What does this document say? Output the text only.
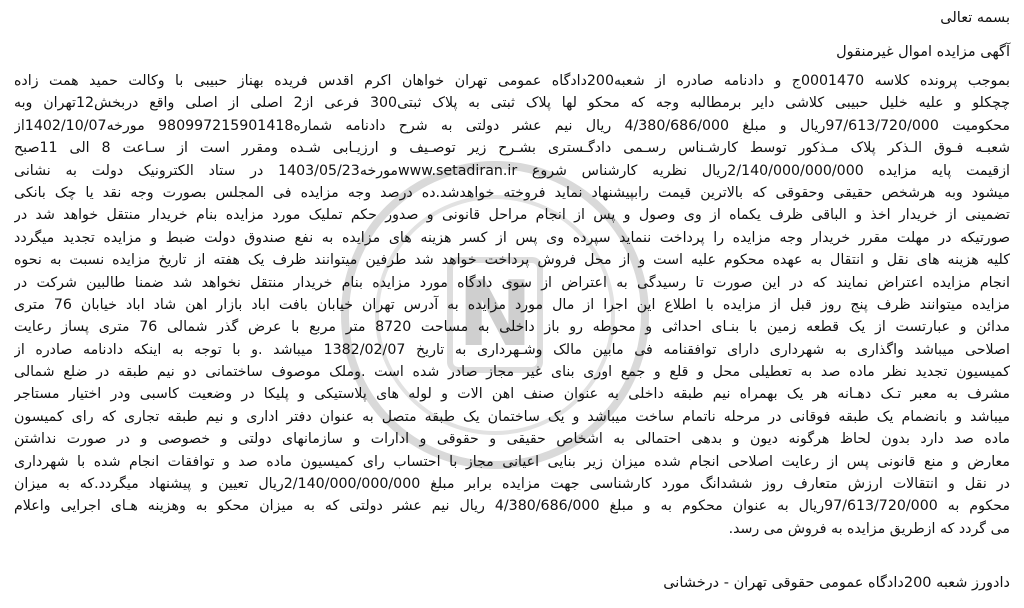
N
بسمه تعالی
آگهی مزایده اموال غیرمنقول
بموجب پرونده کلاسه 0001470ج و دادنامه صادره از شعبه200دادگاه عمومی تهران خواهان اکرم اقدس فریده بهناز حبیبی با وکالت حمید همت زاده
چچکلو و علیه خلیل حبیبی کلاشی دایر برمطالبه وجه که محکو لها پلاک ثبتی به پلاک ثبتی300 فرعی از2 اصلی از اصلی واقع دربخش12تهران وبه
محکومیت 97/613/720/000ریال و مبلغ 4/380/686/000 ریال نیم عشر دولتی به شرح دادنامه شماره98099721590141​8 مورخه1402/10/07از
شعبـه فـوق الـذکر پلاک مـذکور توسط کارشـناس رسـمی دادگـستری بشـرح زیر توصـیف و ارزیـابی شـده ومقرر است از سـاعت 8 الی 11صبح
ازقیمت پایه مزایده 2/140/000/000/000ریال نظریه کارشناس شروع www.setadiran.irمورخه1403/05/23 در ستاد الکترونیک دولت به نشانی
میشود وبه هرشخص حقیقی وحقوقی که بالاترین قیمت رابپیشنهاد نماید فروخته خواهدشد.ده درصد وجه مزایده فی المجلس بصورت وجه نقد یا چک بانکی
تضمینی از خریدار اخذ و الباقی ظرف یکماه از وی وصول و پس از انجام مراحل قانونی و صدور حکم تملیک مورد مزایده بنام خریدار منتقل خواهد شد در
صورتیکه در مهلت مقرر خریدار وجه مزایده را پرداخت ننماید سپرده وی پس از کسر هزینه های مزایده به نفع صندوق دولت ضبط و مزایده تجدید میگردد
کلیه هزینه های نقل و انتقال به عهده محکوم علیه است و از محل فروش پرداخت خواهد شد طرفین میتوانند ظرف یک هفته از تاریخ مزایده نسبت به نحوه
انجام مزایده اعتراض نمایند که در این صورت تا رسیدگی به اعتراض از سوی دادگاه مورد مزایده بنام خریدار منتقل نخواهد شد ضمنا طالبین شرکت در
مزایده میتوانند ظرف پنج روز قبل از مزایده با اطلاع این اجرا از مال مورد مزایده به آدرس تهران خیابان بافت اباد بازار اهن شاد اباد خیابان 76 متری
مدائن و عبارتست از یک قطعه زمین با بنـای احداثی و محوطه رو باز داخلی به مساحت 8720 متر مربع با عرض گذر شمالی 76 متری پساز رعایت
اصلاحی میباشد واگذاری به شهرداری دارای توافقنامه فی مابین مالک وشـهرداری به تاریخ 1382/02/07 میباشد .و با توجه به اینکه دادنامه صادره از
کمیسیون تجدید نظر ماده صد به تعطیلی محل و قلع و جمع اوری بنای غیر مجاز صادر شده است .وملک موصوف ساختمانی دو نیم طبقه در ضلع شمالی
مشرف به معبر تـک دهـانه هر یک بهمراه نیم طبقه داخلی به عنوان صنف اهن الات و لوله های پلاستیکی و پلیکا در وضعیت کاسبی ودر اختیار مستاجر
میباشد و بانضمام یک طبقه فوقانی در مرحله ناتمام ساخت میباشد و یک ساختمان یک طبقه متصل به عنوان دفتر اداری و نیم طبقه تجاری که رای کمیسون
ماده صد دارد بدون لحاظ هرگونه دیون و بدهی احتمالی به اشخاص حقیقی و حقوقی و ادارات و سازمانهای دولتی و خصوصی و در صورت نداشتن
معارض و منع قانونی پس از رعایت اصلاحی انجام شده میزان زیر بنایی اعیانی مجاز با احتساب رای کمیسیون ماده صد و توافقات انجام شده با شهرداری
در نقل و انتقالات ارزش متعارف روز ششدانگ مورد کارشناسی جهت مزایده برابر مبلغ 2/140/000/000/000ریال تعیین و پیشنهاد میگردد.که به میزان
محکوم به 97/613/720/000ریال به عنوان محکوم به و مبلغ 4/380/686/000 ریال نیم عشر دولتی که به میزان محکو به وهزینه هـای اجرایی واعلام
می گردد که ازطریق مزایده به فروش می رسد.
دادورز شعبه 200دادگاه عمومی حقوقی تهران - درخشانی
